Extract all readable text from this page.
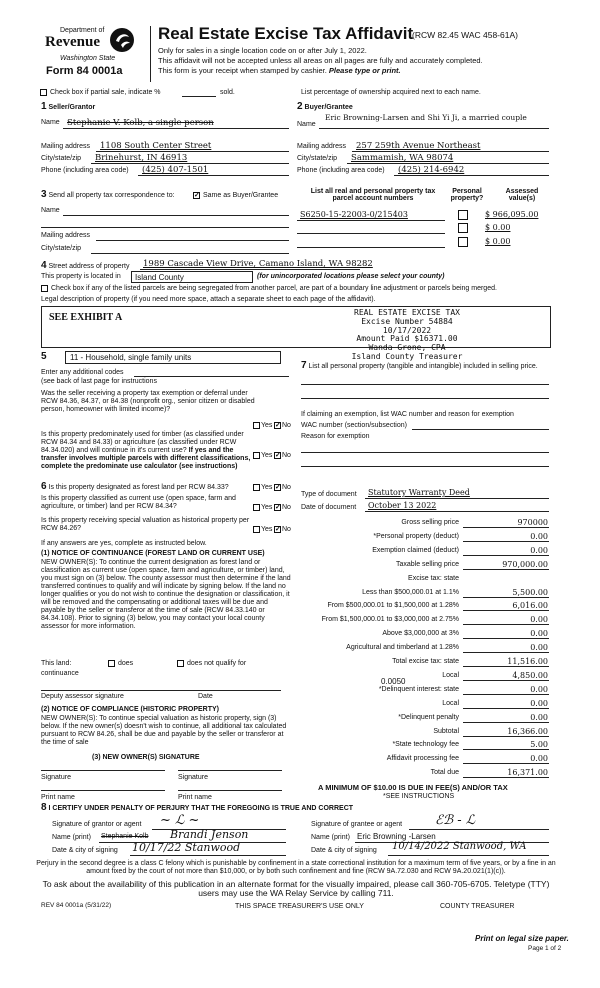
Department of
Revenue
Washington State
Form 84 0001a
Real Estate Excise Tax Affidavit
(RCW 82.45 WAC 458-61A)
Only for sales in a single location code on or after July 1, 2022.
This affidavit will not be accepted unless all areas on all pages are fully and accurately completed.
This form is your receipt when stamped by cashier. Please type or print.
Check box if partial sale, indicate %	sold.	List percentage of ownership acquired next to each name.
1 Seller/Grantor
Name Stephanie V. Kolb, a single person
Mailing address 1108 South Center Street
City/state/zip Brinehurst, IN 46913
Phone (including area code) (425) 407-1501
2 Buyer/Grantee
Name
Eric Browning-Larsen and Shi Yi Ji, a married couple
Mailing address 257 259th Avenue Northeast
City/state/zip Sammamish, WA 98074
Phone (including area code) (425) 214-6942
3 Send all property tax correspondence to: ✓	Same as Buyer/Grantee
Name
Mailing address
City/state/zip
List all real and personal property tax parcel account numbers
Personal property?
Assessed value(s)
S6250-15-22003-0/215403	$ 966,095.00
$ 0.00
$ 0.00
4 Street address of property 1989 Cascade View Drive, Camano Island, WA 98282
This property is located in Island County	(for unincorporated locations please select your county)
Check box if any of the listed parcels are being segregated from another parcel, are part of a boundary line adjustment or parcels being merged.
Legal description of property (if you need more space, attach a separate sheet to each page of the affidavit).
SEE EXHIBIT A	REAL ESTATE EXCISE TAX
Excise Number 54884
10/17/2022
Amount Paid $16371.00
Wanda Grone, CPA
Island County Treasurer
5	11 - Household, single family units
Enter any additional codes
(see back of last page for instructions
Was the seller receiving a property tax exemption or deferral under RCW 84.36, 84.37, or 84.38 (nonprofit org., senior citizen or disabled person, homeowner with limited income)?
Yes ✓ No
Is this property predominately used for timber (as classified under RCW 84.34 and 84.33) or agriculture (as classified under RCW 84.34.020) and will continue in it's current use? If yes and the transfer involves multiple parcels with different classifications, complete the predominate use calculator (see instructions)
Yes ✓ No
7 List all personal property (tangible and intangible) included in selling price.
If claiming an exemption, list WAC number and reason for exemption
WAC number (section/subsection)
Reason for exemption
6 Is this property designated as forest land per RCW 84.33?	Yes ✓ No
Is this property classified as current use (open space, farm and agriculture, or timber) land per RCW 84.34?	Yes ✓ No
Is this property receiving special valuation as historical property per RCW 84.26?	Yes ✓ No
If any answers are yes, complete as instructed below.
(1) NOTICE OF CONTINUANCE (FOREST LAND OR CURRENT USE)
NEW OWNER(S): To continue the current designation as forest land or classification as current use (open space, farm and agriculture, or timber) land, you must sign on (3) below. The county assessor must then determine if the land transferred continues to qualify and will indicate by signing below. If the land no longer qualifies or you do not wish to continue the designation or classification, it will be removed and the compensating or additional taxes will be due and payable by the seller or transferor at the time of sale (RCW 84.33.140 or 84.34.108). Prior to signing (3) below, you may contact your local county assessor for more information.
This land:	does	does not qualify for
continuance
Deputy assessor signature	Date
(2) NOTICE OF COMPLIANCE (HISTORIC PROPERTY)
NEW OWNER(S): To continue special valuation as historic property, sign (3) below. If the new owner(s) doesn't wish to continue, all additional tax calculated pursuant to RCW 84.26, shall be due and payable by the seller or transferor at the time of sale
(3) NEW OWNER(S) SIGNATURE
Signature	Signature
Print name	Print name
Type of document Statutory Warranty Deed
Date of document October 13 2022
Gross selling price	970000
*Personal property (deduct)	0.00
Exemption claimed (deduct)	0.00
Taxable selling price	970,000.00
Excise tax: state
Less than $500,000.01 at 1.1%	5,500.00
From $500,000.01 to $1,500,000 at 1.28%	6,016.00
From $1,500,000.01 to $3,000,000 at 2.75%	0.00
Above $3,000,000 at 3%	0.00
Agricultural and timberland at 1.28%	0.00
Total excise tax: state	11,516.00
Local	4,850.00
*Delinquent interest: state	0.00
Local	0.00
*Delinquent penalty	0.00
Subtotal	16,366.00
*State technology fee	5.00
Affidavit processing fee	0.00
Total due	16,371.00
0.0050
A MINIMUM OF $10.00 IS DUE IN FEE(S) AND/OR TAX
*SEE INSTRUCTIONS
8 I CERTIFY UNDER PENALTY OF PERJURY THAT THE FOREGOING IS TRUE AND CORRECT
Signature of grantor or agent ~ ℒ ~
Name (print) Stephanie Kolb Brandi Jenson
Date & city of signing 10/17/22 Stanwood
Signature of grantee or agent	ℰℬ - ℒ
Name (print) Eric Browning -Larsen
Date & city of signing 10/14/2022 Stanwood, WA
Perjury in the second degree is a class C felony which is punishable by confinement in a state correctional institution for a maximum term of five years, or by a fine in an amount fixed by the court of not more than $10,000, or by both such confinement and fine (RCW 9A.72.030 and RCW 9A.20.021(1)(c)).
To ask about the availability of this publication in an alternate format for the visually impaired, please call 360-705-6705. Teletype (TTY) users may use the WA Relay Service by calling 711.
REV 84 0001a (5/31/22)	THIS SPACE TREASURER'S USE ONLY	COUNTY TREASURER
Print on legal size paper.
Page 1 of 2
